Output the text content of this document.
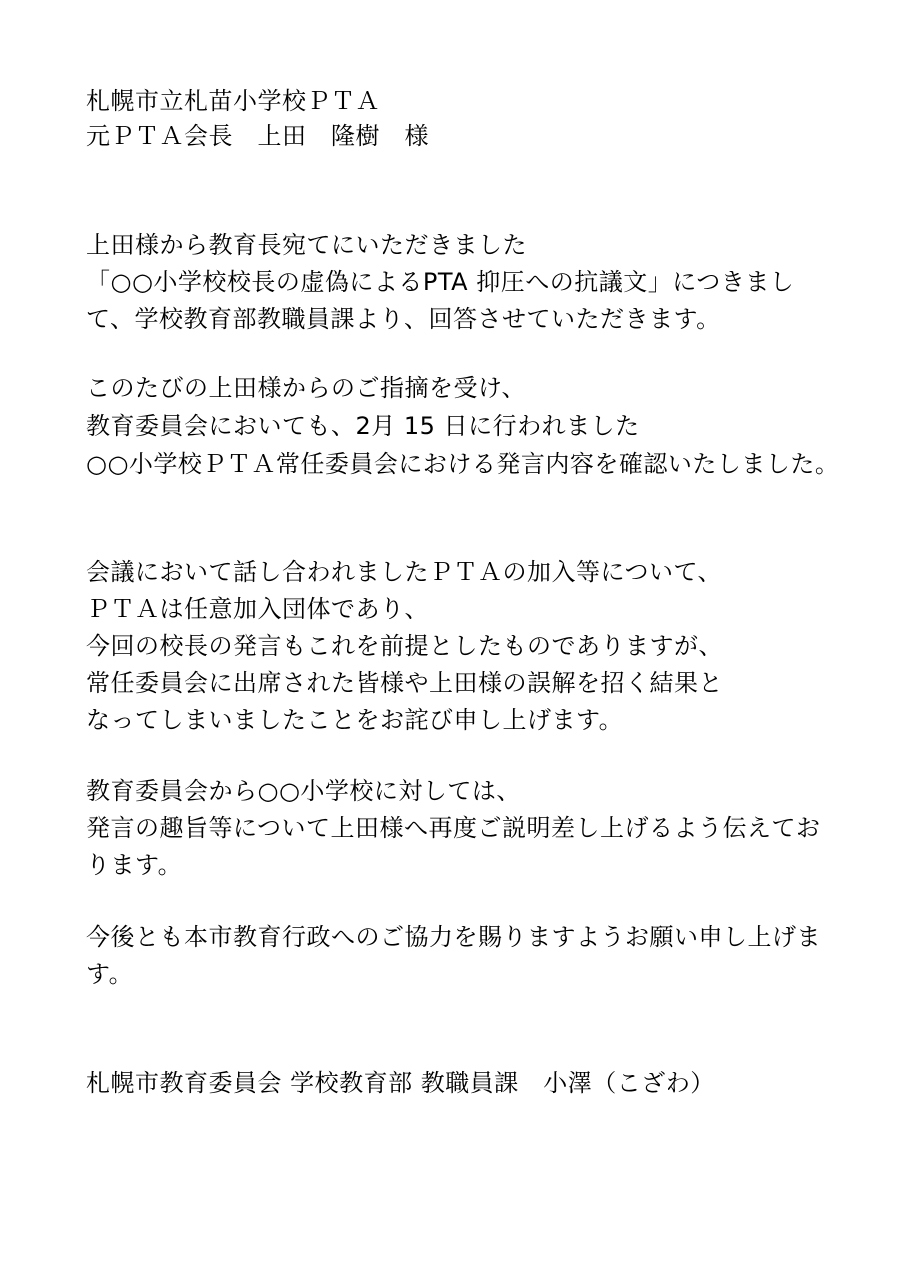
札幌市立札苗小学校ＰＴＡ
元ＰＴＡ会長　上田　隆樹　様
上田様から教育長宛てにいただきました
「○○小学校校長の虚偽によるPTA 抑圧への抗議文」につきまし
て、学校教育部教職員課より、回答させていただきます。
このたびの上田様からのご指摘を受け、
教育委員会においても、2月 15 日に行われました
○○小学校ＰＴＡ常任委員会における発言内容を確認いたしました。
会議において話し合われましたＰＴＡの加入等について、
ＰＴＡは任意加入団体であり、
今回の校長の発言もこれを前提としたものでありますが、
常任委員会に出席された皆様や上田様の誤解を招く結果と
なってしまいましたことをお詫び申し上げます。
教育委員会から○○小学校に対しては、
発言の趣旨等について上田様へ再度ご説明差し上げるよう伝えてお
ります。
今後とも本市教育行政へのご協力を賜りますようお願い申し上げま
す。
札幌市教育委員会 学校教育部 教職員課　小澤（こざわ）
